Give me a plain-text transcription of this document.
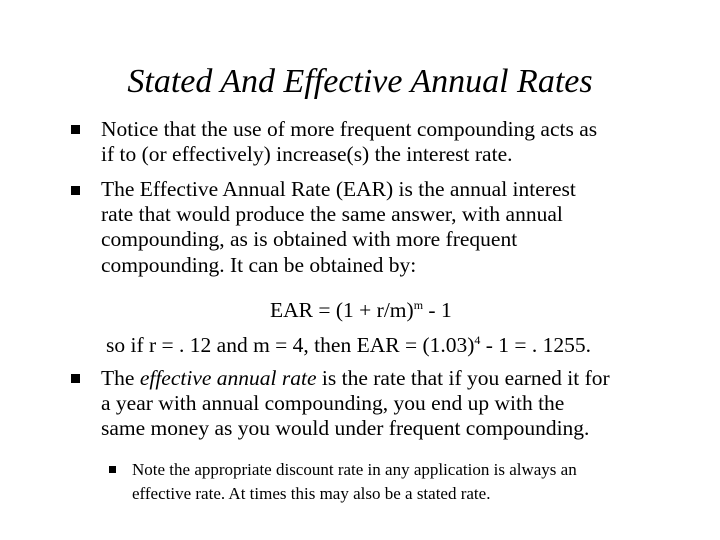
Stated And Effective Annual Rates
Notice that the use of more frequent compounding acts as
if to (or effectively) increase(s) the interest rate.
The Effective Annual Rate (EAR) is the annual interest
rate that would produce the same answer, with annual
compounding, as is obtained with more frequent
compounding. It can be obtained by:
EAR = $(1 + r/m)^m - 1$
so if r = . 12 and m = 4, then EAR = $(1.03)^4 - 1$ = . 1255.
The effective annual rate is the rate that if you earned it for
a year with annual compounding, you end up with the
same money as you would under frequent compounding.
Note the appropriate discount rate in any application is always an
effective rate. At times this may also be a stated rate.
